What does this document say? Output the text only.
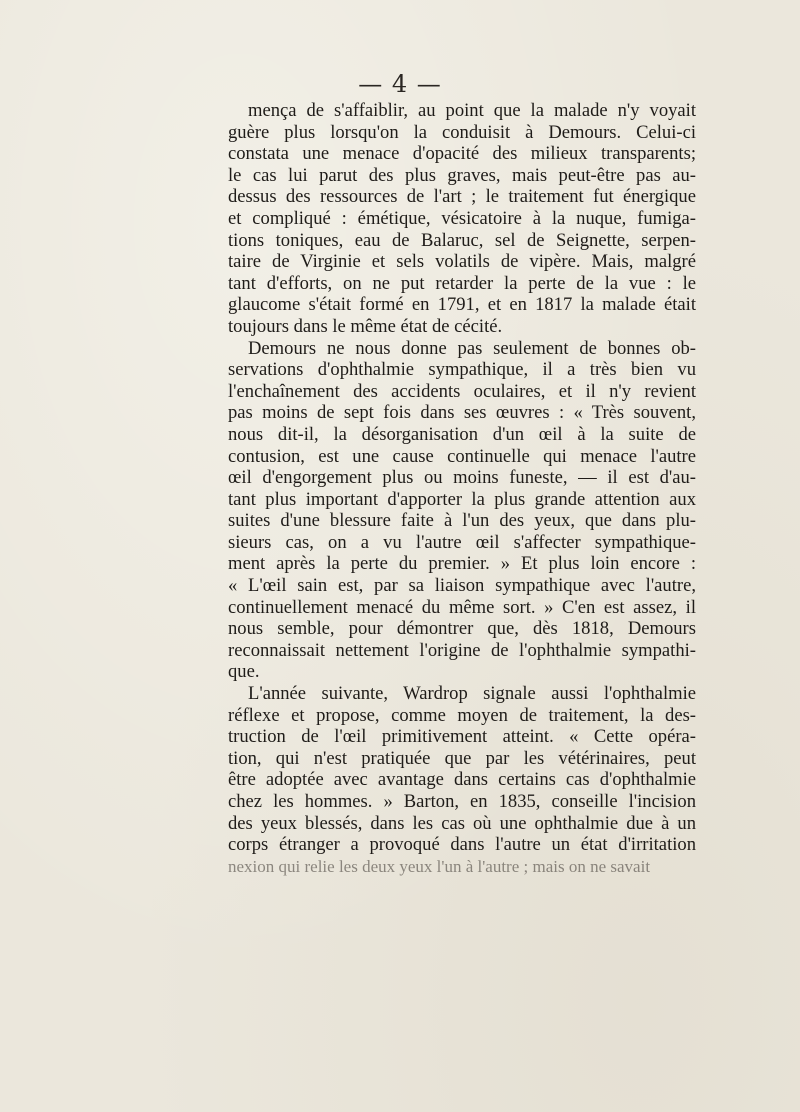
— 4 —
mença de s'affaiblir, au point que la malade n'y voyait
guère plus lorsqu'on la conduisit à Demours. Celui-ci
constata une menace d'opacité des milieux transparents;
le cas lui parut des plus graves, mais peut-être pas au-
dessus des ressources de l'art ; le traitement fut énergique
et compliqué : émétique, vésicatoire à la nuque, fumiga-
tions toniques, eau de Balaruc, sel de Seignette, serpen-
taire de Virginie et sels volatils de vipère. Mais, malgré
tant d'efforts, on ne put retarder la perte de la vue : le
glaucome s'était formé en 1791, et en 1817 la malade était
toujours dans le même état de cécité.
Demours ne nous donne pas seulement de bonnes ob-
servations d'ophthalmie sympathique, il a très bien vu
l'enchaînement des accidents oculaires, et il n'y revient
pas moins de sept fois dans ses œuvres : « Très souvent,
nous dit-il, la désorganisation d'un œil à la suite de
contusion, est une cause continuelle qui menace l'autre
œil d'engorgement plus ou moins funeste, — il est d'au-
tant plus important d'apporter la plus grande attention aux
suites d'une blessure faite à l'un des yeux, que dans plu-
sieurs cas, on a vu l'autre œil s'affecter sympathique-
ment après la perte du premier. » Et plus loin encore :
« L'œil sain est, par sa liaison sympathique avec l'autre,
continuellement menacé du même sort. » C'en est assez, il
nous semble, pour démontrer que, dès 1818, Demours
reconnaissait nettement l'origine de l'ophthalmie sympathi-
que.
L'année suivante, Wardrop signale aussi l'ophthalmie
réflexe et propose, comme moyen de traitement, la des-
truction de l'œil primitivement atteint. « Cette opéra-
tion, qui n'est pratiquée que par les vétérinaires, peut
être adoptée avec avantage dans certains cas d'ophthalmie
chez les hommes. » Barton, en 1835, conseille l'incision
des yeux blessés, dans les cas où une ophthalmie due à un
corps étranger a provoqué dans l'autre un état d'irritation
nexion qui relie les deux yeux l'un à l'autre ; mais on ne savait
